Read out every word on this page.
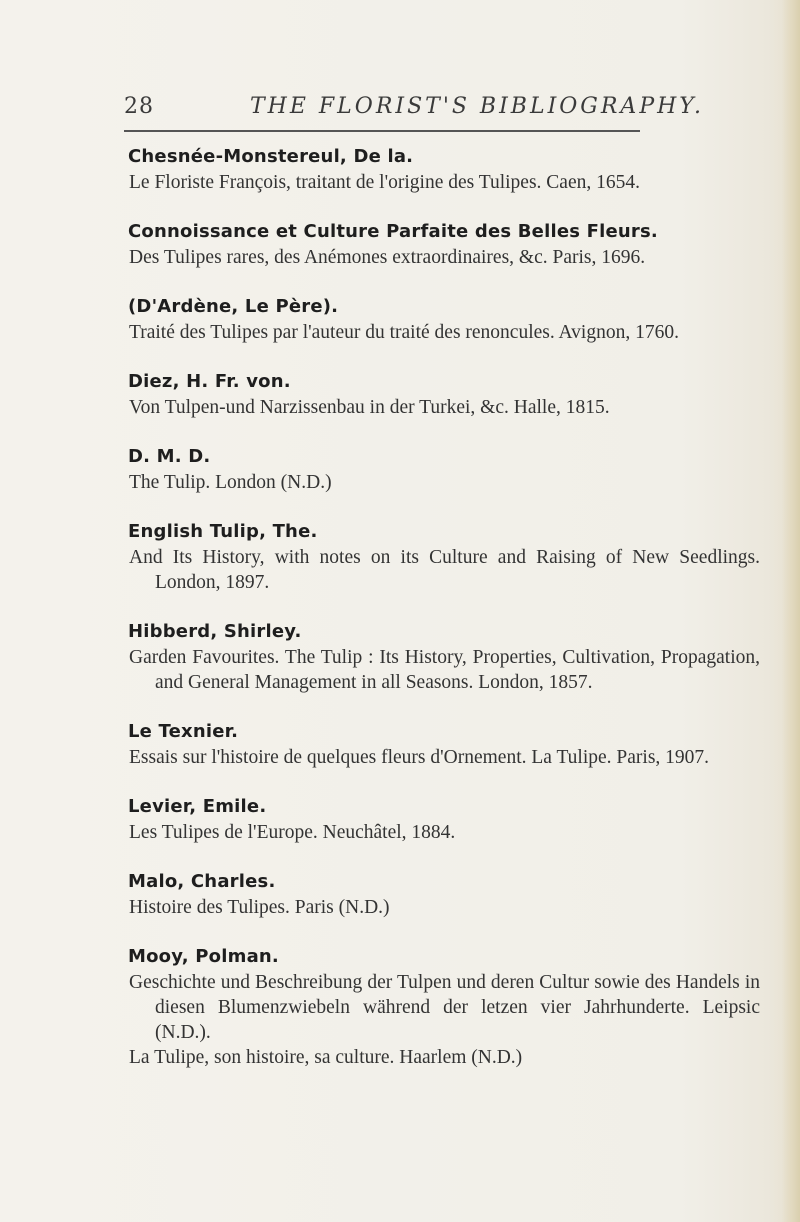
28	THE FLORIST'S BIBLIOGRAPHY.
Chesnée-Monstereul, De la.
Le Floriste François, traitant de l'origine des Tulipes. Caen, 1654.
Connoissance et Culture Parfaite des Belles Fleurs.
Des Tulipes rares, des Anémones extraordinaires, &c. Paris, 1696.
(D'Ardène, Le Père).
Traité des Tulipes par l'auteur du traité des renoncules. Avignon, 1760.
Diez, H. Fr. von.
Von Tulpen-und Narzissenbau in der Turkei, &c. Halle, 1815.
D. M. D.
The Tulip. London (N.D.)
English Tulip, The.
And Its History, with notes on its Culture and Raising of New Seedlings. London, 1897.
Hibberd, Shirley.
Garden Favourites. The Tulip : Its History, Properties, Cultivation, Propagation, and General Management in all Seasons. London, 1857.
Le Texnier.
Essais sur l'histoire de quelques fleurs d'Ornement. La Tulipe. Paris, 1907.
Levier, Emile.
Les Tulipes de l'Europe. Neuchâtel, 1884.
Malo, Charles.
Histoire des Tulipes. Paris (N.D.)
Mooy, Polman.
Geschichte und Beschreibung der Tulpen und deren Cultur sowie des Handels in diesen Blumenzwiebeln während der letzen vier Jahrhunderte. Leipsic (N.D.).
La Tulipe, son histoire, sa culture. Haarlem (N.D.)
